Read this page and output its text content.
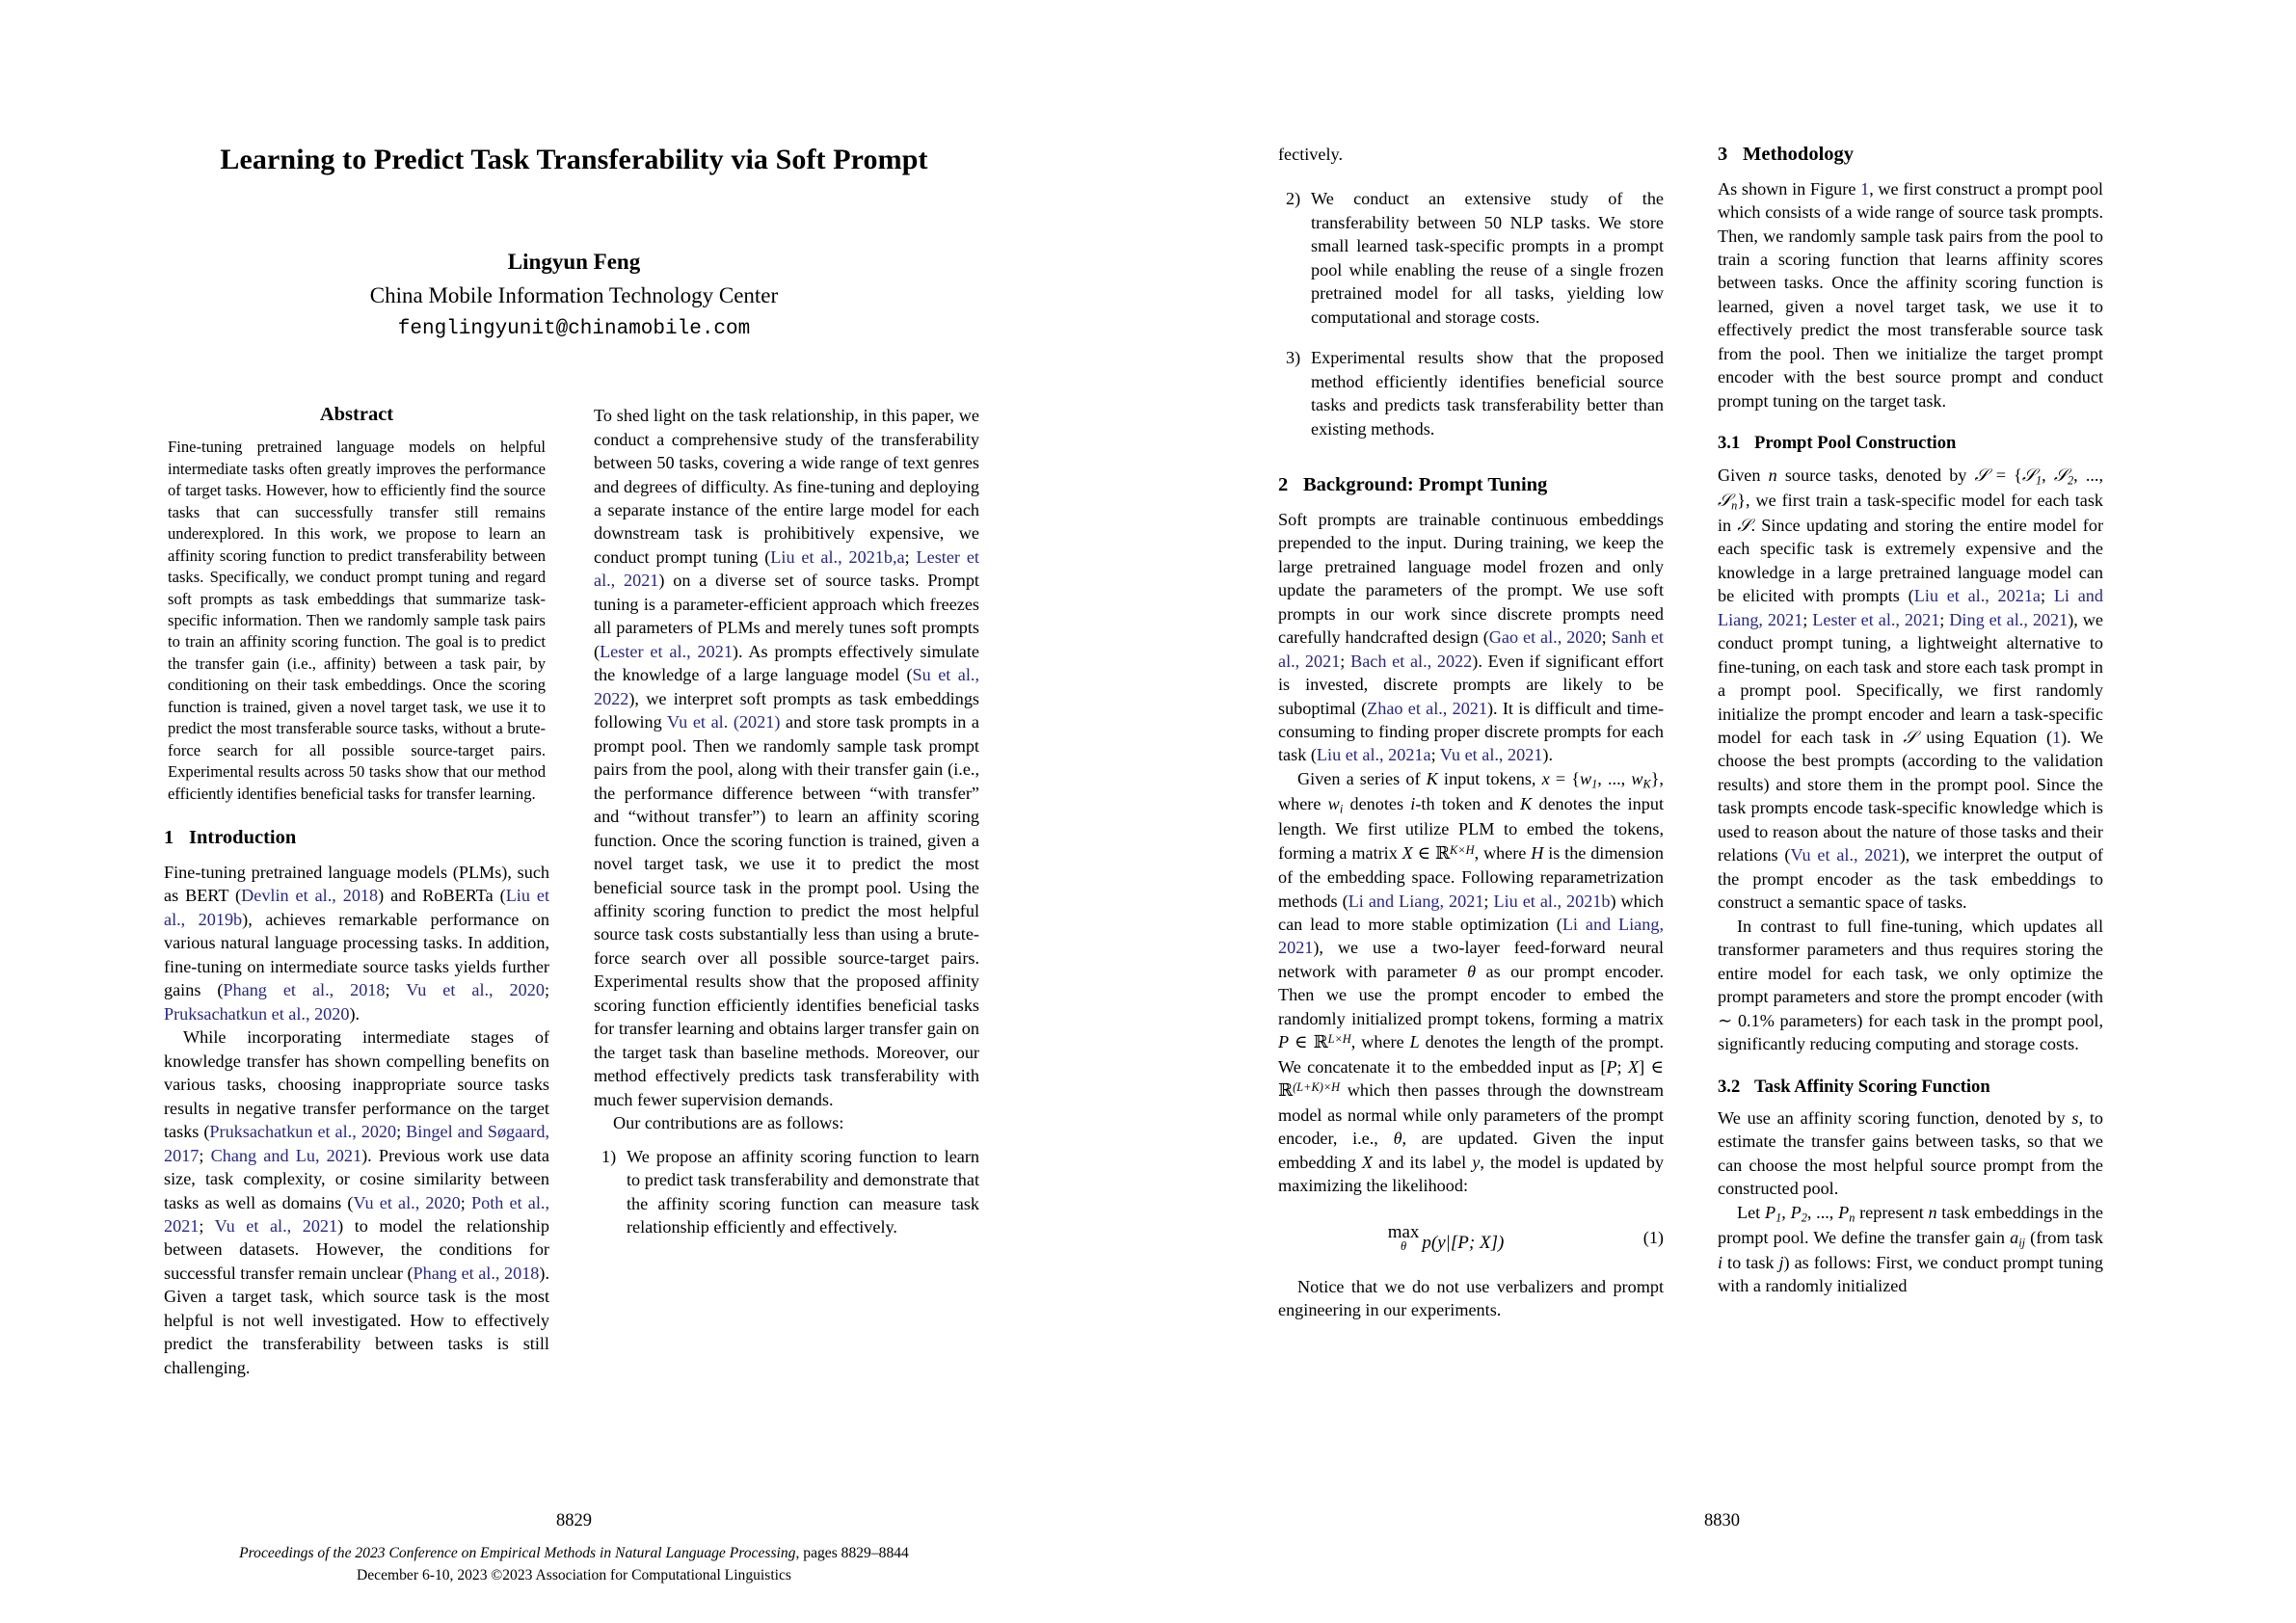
Learning to Predict Task Transferability via Soft Prompt
Lingyun Feng
China Mobile Information Technology Center
fenglingyunit@chinamobile.com
Abstract

Fine-tuning pretrained language models on helpful intermediate tasks often greatly improves the performance of target tasks. However, how to efficiently find the source tasks that can successfully transfer still remains underexplored. In this work, we propose to learn an affinity scoring function to predict transferability between tasks. Specifically, we conduct prompt tuning and regard soft prompts as task embeddings that summarize task-specific information. Then we randomly sample task pairs to train an affinity scoring function. The goal is to predict the transfer gain (i.e., affinity) between a task pair, by conditioning on their task embeddings. Once the scoring function is trained, given a novel target task, we use it to predict the most transferable source tasks, without a brute-force search for all possible source-target pairs. Experimental results across 50 tasks show that our method efficiently identifies beneficial tasks for transfer learning.

1 Introduction

Fine-tuning pretrained language models (PLMs), such as BERT (Devlin et al., 2018) and RoBERTa (Liu et al., 2019b), achieves remarkable performance on various natural language processing tasks. In addition, fine-tuning on intermediate source tasks yields further gains (Phang et al., 2018; Vu et al., 2020; Pruksachatkun et al., 2020).

While incorporating intermediate stages of knowledge transfer has shown compelling benefits on various tasks, choosing inappropriate source tasks results in negative transfer performance on the target tasks (Pruksachatkun et al., 2020; Bingel and Søgaard, 2017; Chang and Lu, 2021). Previous work use data size, task complexity, or cosine similarity between tasks as well as domains (Vu et al., 2020; Poth et al., 2021; Vu et al., 2021) to model the relationship between datasets. However, the conditions for successful transfer remain unclear (Phang et al., 2018). Given a target task, which source task is the most helpful is not well investigated. How to effectively predict the transferability between tasks is still challenging.

To shed light on the task relationship, in this paper, we conduct a comprehensive study of the transferability between 50 tasks, covering a wide range of text genres and degrees of difficulty. As fine-tuning and deploying a separate instance of the entire large model for each downstream task is prohibitively expensive, we conduct prompt tuning (Liu et al., 2021b,a; Lester et al., 2021) on a diverse set of source tasks. Prompt tuning is a parameter-efficient approach which freezes all parameters of PLMs and merely tunes soft prompts (Lester et al., 2021). As prompts effectively simulate the knowledge of a large language model (Su et al., 2022), we interpret soft prompts as task embeddings following Vu et al. (2021) and store task prompts in a prompt pool. Then we randomly sample task prompt pairs from the pool, along with their transfer gain (i.e., the performance difference between “with transfer” and “without transfer”) to learn an affinity scoring function. Once the scoring function is trained, given a novel target task, we use it to predict the most beneficial source task in the prompt pool. Using the affinity scoring function to predict the most helpful source task costs substantially less than using a brute-force search over all possible source-target pairs. Experimental results show that the proposed affinity scoring function efficiently identifies beneficial tasks for transfer learning and obtains larger transfer gain on the target task than baseline methods. Moreover, our method effectively predicts task transferability with much fewer supervision demands.

Our contributions are as follows:

1) We propose an affinity scoring function to learn to predict task transferability and demonstrate that the affinity scoring function can measure task relationship efficiently and effectively.
8829
Proceedings of the 2023 Conference on Empirical Methods in Natural Language Processing, pages 8829–8844
December 6-10, 2023 ©2023 Association for Computational Linguistics

fectively.

2) We conduct an extensive study of the transferability between 50 NLP tasks. We store small learned task-specific prompts in a prompt pool while enabling the reuse of a single frozen pretrained model for all tasks, yielding low computational and storage costs.
3) Experimental results show that the proposed method efficiently identifies beneficial source tasks and predicts task transferability better than existing methods.
2 Background: Prompt Tuning

Soft prompts are trainable continuous embeddings prepended to the input. During training, we keep the large pretrained language model frozen and only update the parameters of the prompt. We use soft prompts in our work since discrete prompts need carefully handcrafted design (Gao et al., 2020; Sanh et al., 2021; Bach et al., 2022). Even if significant effort is invested, discrete prompts are likely to be suboptimal (Zhao et al., 2021). It is difficult and time-consuming to finding proper discrete prompts for each task (Liu et al., 2021a; Vu et al., 2021).

Given a series of K input tokens, $x = \{w_1$, ..., $w_K$}, where $w_i$ denotes i-th token and K denotes the input length. We first utilize PLM to embed the tokens, forming a matrix X ∈ ℝ$^{K\times H}$, where H is the dimension of the embedding space. Following reparametrization methods (Li and Liang, 2021; Liu et al., 2021b) which can lead to more stable optimization (Li and Liang, 2021), we use a two-layer feed-forward neural network with parameter θ as our prompt encoder. Then we use the prompt encoder to embed the randomly initialized prompt tokens, forming a matrix P ∈ ℝ$^{L\times H}$, where L denotes the length of the prompt. We concatenate it to the embedded input as [P; X] ∈ ℝ$^{(L+K)\times H}$ which then passes through the downstream model as normal while only parameters of the prompt encoder, i.e., θ, are updated. Given the input embedding X and its label y, the model is updated by maximizing the likelihood:

max
θ p(y|[P; X])	(1)

Notice that we do not use verbalizers and prompt engineering in our experiments.

3 Methodology

As shown in Figure 1, we first construct a prompt pool which consists of a wide range of source task prompts. Then, we randomly sample task pairs from the pool to train a scoring function that learns affinity scores between tasks. Once the affinity scoring function is learned, given a novel target task, we use it to effectively predict the most transferable source task from the pool. Then we initialize the target prompt encoder with the best source prompt and conduct prompt tuning on the target task.

3.1 Prompt Pool Construction

Given n source tasks, denoted by 𝒮 = {𝒮$_1$, 𝒮$_2$, ..., 𝒮$_n$}, we first train a task-specific model for each task in 𝒮. Since updating and storing the entire model for each specific task is extremely expensive and the knowledge in a large pretrained language model can be elicited with prompts (Liu et al., 2021a; Li and Liang, 2021; Lester et al., 2021; Ding et al., 2021), we conduct prompt tuning, a lightweight alternative to fine-tuning, on each task and store each task prompt in a prompt pool. Specifically, we first randomly initialize the prompt encoder and learn a task-specific model for each task in 𝒮 using Equation (1). We choose the best prompts (according to the validation results) and store them in the prompt pool. Since the task prompts encode task-specific knowledge which is used to reason about the nature of those tasks and their relations (Vu et al., 2021), we interpret the output of the prompt encoder as the task embeddings to construct a semantic space of tasks.

In contrast to full fine-tuning, which updates all transformer parameters and thus requires storing the entire model for each task, we only optimize the prompt parameters and store the prompt encoder (with ∼ 0.1% parameters) for each task in the prompt pool, significantly reducing computing and storage costs.

3.2 Task Affinity Scoring Function

We use an affinity scoring function, denoted by s, to estimate the transfer gains between tasks, so that we can choose the most helpful source prompt from the constructed pool.

Let $P_1$, $P_2$, ..., $P_n$ represent n task embeddings in the prompt pool. We define the transfer gain $a_{ij}$ (from task i to task j) as follows: First, we conduct prompt tuning with a randomly initialized

8830
